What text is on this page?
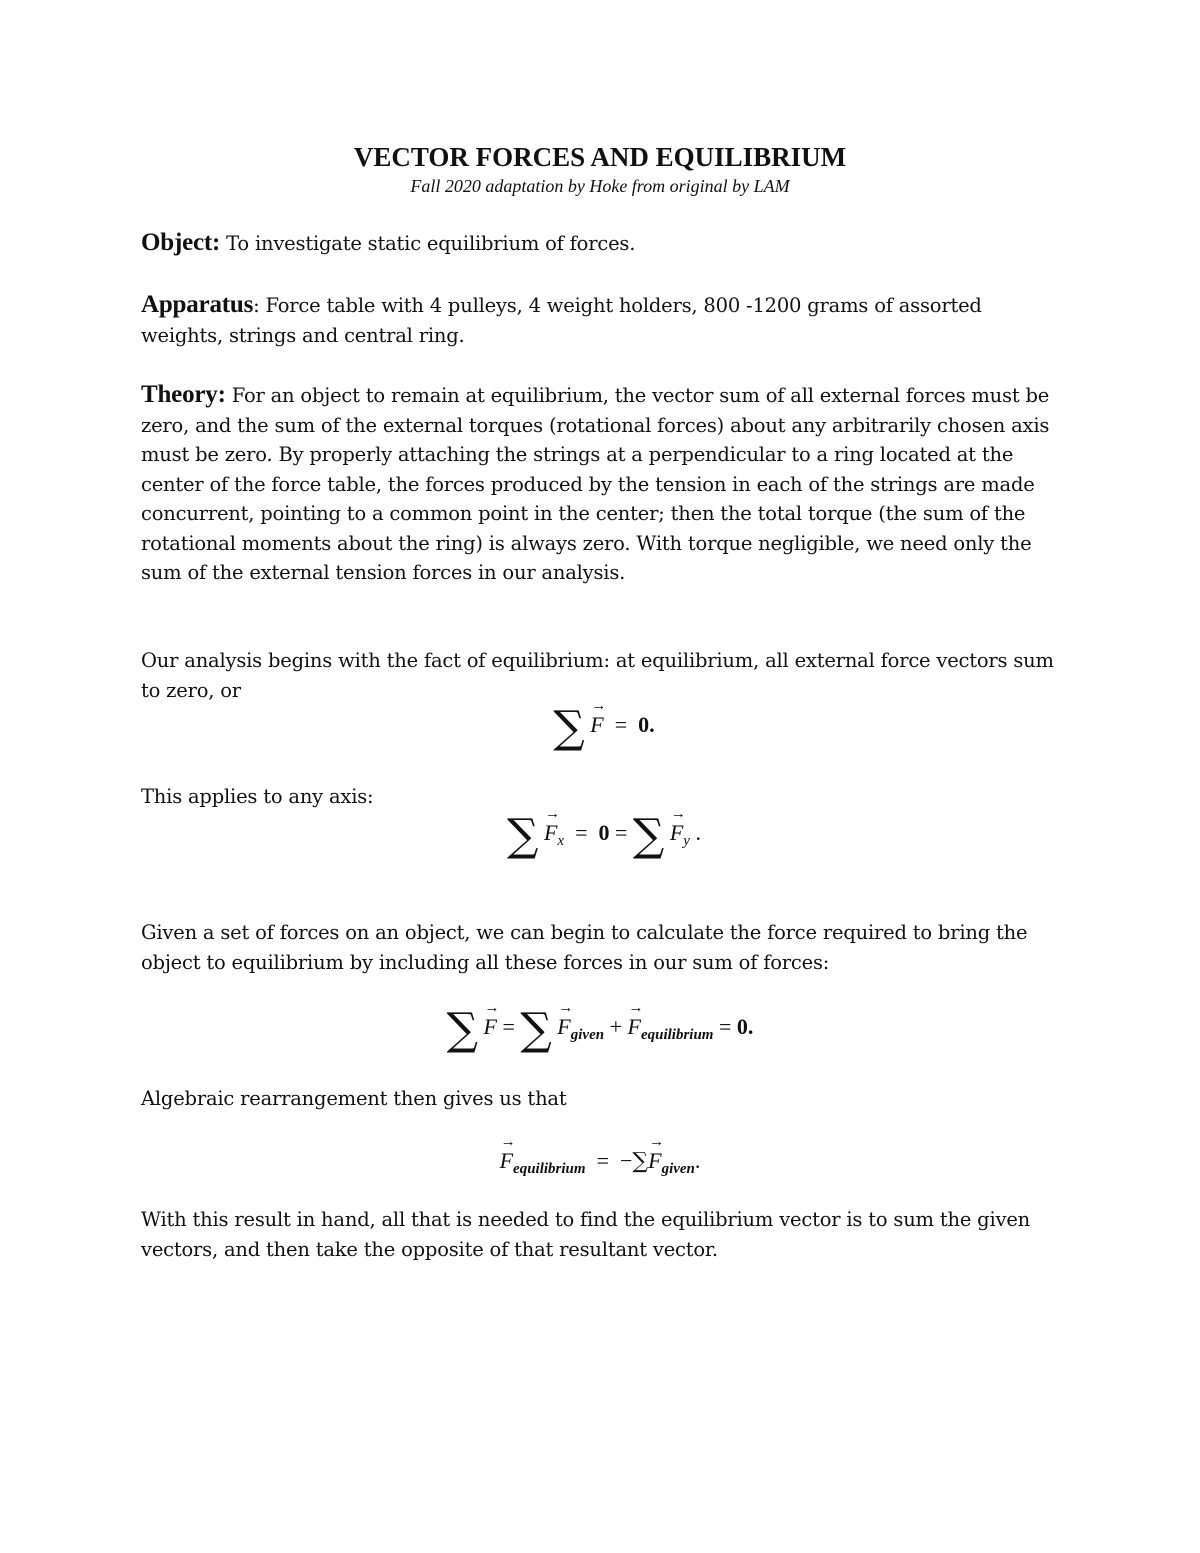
VECTOR FORCES AND EQUILIBRIUM
Fall 2020 adaptation by Hoke from original by LAM

Object: To investigate static equilibrium of forces.

Apparatus: Force table with 4 pulleys, 4 weight holders, 800 -1200 grams of assorted weights, strings and central ring.

Theory: For an object to remain at equilibrium, the vector sum of all external forces must be zero, and the sum of the external torques (rotational forces) about any arbitrarily chosen axis must be zero. By properly attaching the strings at a perpendicular to a ring located at the center of the force table, the forces produced by the tension in each of the strings are made concurrent, pointing to a common point in the center; then the total torque (the sum of the rotational moments about the ring) is always zero. With torque negligible, we need only the sum of the external tension forces in our analysis.

Our analysis begins with the fact of equilibrium: at equilibrium, all external force vectors sum to zero, or

∑ → F = 0.

This applies to any axis:

∑ → $F_x = 0$ = ∑ → $F_y$ .

Given a set of forces on an object, we can begin to calculate the force required to bring the object to equilibrium by including all these forces in our sum of forces:

∑ → F = ∑ → $F_{given}$ + → $F_{equilibrium} = 0$.

Algebraic rearrangement then gives us that

→ $F_{equilibrium}$ = −∑→ $F_{given}$.

With this result in hand, all that is needed to find the equilibrium vector is to sum the given vectors, and then take the opposite of that resultant vector.
